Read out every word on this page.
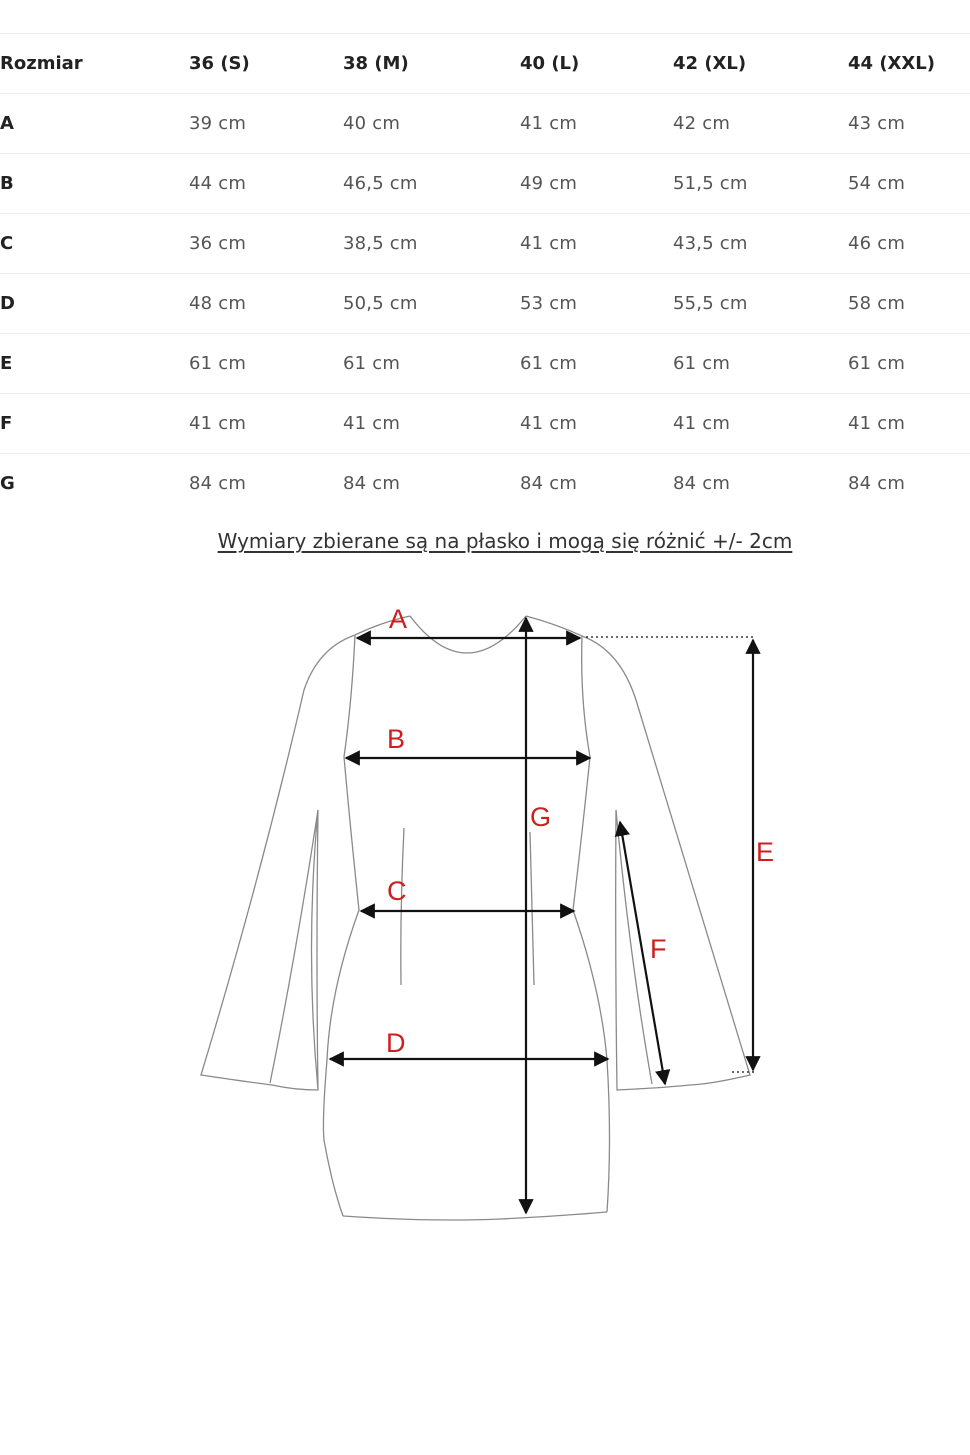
Rozmiar	36 (S)	38 (M)	40 (L)	42 (XL)	44 (XXL)
A	39 cm	40 cm	41 cm	42 cm	43 cm
B	44 cm	46,5 cm	49 cm	51,5 cm	54 cm
C	36 cm	38,5 cm	41 cm	43,5 cm	46 cm
D	48 cm	50,5 cm	53 cm	55,5 cm	58 cm
E	61 cm	61 cm	61 cm	61 cm	61 cm
F	41 cm	41 cm	41 cm	41 cm	41 cm
G	84 cm	84 cm	84 cm	84 cm	84 cm
Wymiary zbierane są na płasko i mogą się różnić +/- 2cm
A
B
C
D
G
E
F
